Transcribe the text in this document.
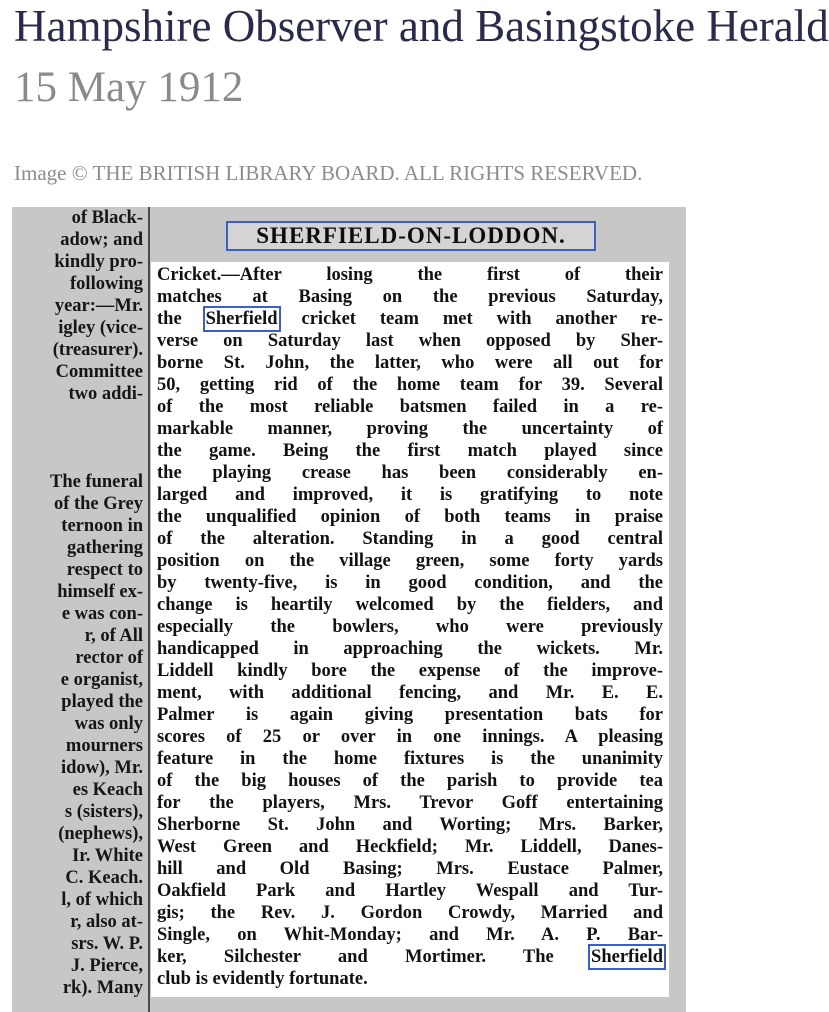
Hampshire Observer and Basingstoke Herald
15 May 1912
Image © THE BRITISH LIBRARY BOARD. ALL RIGHTS RESERVED.
of Black-
adow; and
kindly pro-
following
year:—Mr.
igley (vice-
(treasurer).
Committee
two addi-
The funeral
of the Grey
ternoon in
gathering
respect to
himself ex-
e was con-
r, of All
rector of
e organist,
played the
was only
mourners
idow), Mr.
es Keach
s (sisters),
(nephews),
Ir. White
C. Keach.
l, of which
r, also at-
srs. W. P.
J. Pierce,
rk). Many
SHERFIELD-ON-LODDON.
Cricket.—After losing the first of their
matches at Basing on the previous Saturday,
the Sherfield cricket team met with another re-
verse on Saturday last when opposed by Sher-
borne St. John, the latter, who were all out for
50, getting rid of the home team for 39. Several
of the most reliable batsmen failed in a re-
markable manner, proving the uncertainty of
the game. Being the first match played since
the playing crease has been considerably en-
larged and improved, it is gratifying to note
the unqualified opinion of both teams in praise
of the alteration. Standing in a good central
position on the village green, some forty yards
by twenty-five, is in good condition, and the
change is heartily welcomed by the fielders, and
especially the bowlers, who were previously
handicapped in approaching the wickets. Mr.
Liddell kindly bore the expense of the improve-
ment, with additional fencing, and Mr. E. E.
Palmer is again giving presentation bats for
scores of 25 or over in one innings. A pleasing
feature in the home fixtures is the unanimity
of the big houses of the parish to provide tea
for the players, Mrs. Trevor Goff entertaining
Sherborne St. John and Worting; Mrs. Barker,
West Green and Heckfield; Mr. Liddell, Danes-
hill and Old Basing; Mrs. Eustace Palmer,
Oakfield Park and Hartley Wespall and Tur-
gis; the Rev. J. Gordon Crowdy, Married and
Single, on Whit-Monday; and Mr. A. P. Bar-
ker, Silchester and Mortimer. The Sherfield
club is evidently fortunate.
